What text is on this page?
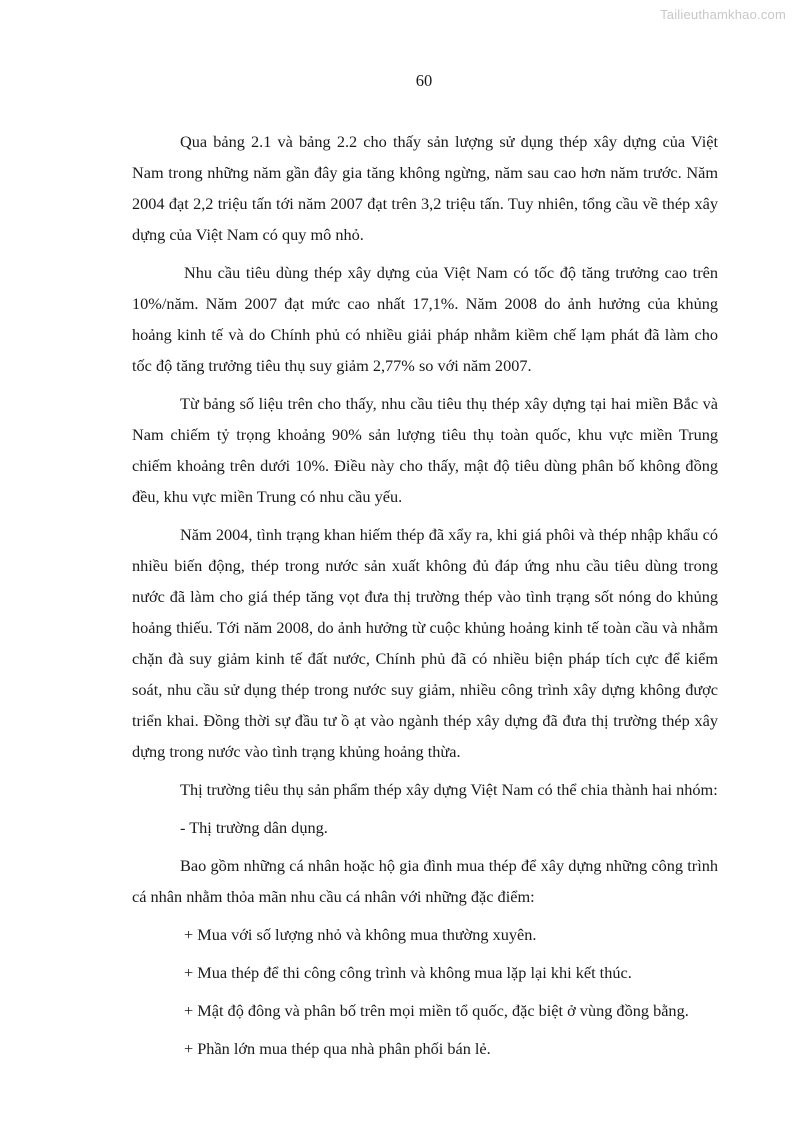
Tailieuthamkhao.com
60

Qua bảng 2.1 và bảng 2.2 cho thấy sản lượng sử dụng thép xây dựng của Việt Nam trong những năm gần đây gia tăng không ngừng, năm sau cao hơn năm trước. Năm 2004 đạt 2,2 triệu tấn tới năm 2007 đạt trên 3,2 triệu tấn. Tuy nhiên, tổng cầu về thép xây dựng của Việt Nam có quy mô nhỏ.

Nhu cầu tiêu dùng thép xây dựng của Việt Nam có tốc độ tăng trưởng cao trên 10%/năm. Năm 2007 đạt mức cao nhất 17,1%. Năm 2008 do ảnh hưởng của khủng hoảng kinh tế và do Chính phủ có nhiều giải pháp nhằm kiềm chế lạm phát đã làm cho tốc độ tăng trưởng tiêu thụ suy giảm 2,77% so với năm 2007.

Từ bảng số liệu trên cho thấy, nhu cầu tiêu thụ thép xây dựng tại hai miền Bắc và Nam chiếm tỷ trọng khoảng 90% sản lượng tiêu thụ toàn quốc, khu vực miền Trung chiếm khoảng trên dưới 10%. Điều này cho thấy, mật độ tiêu dùng phân bố không đồng đều, khu vực miền Trung có nhu cầu yếu.

Năm 2004, tình trạng khan hiếm thép đã xẩy ra, khi giá phôi và thép nhập khẩu có nhiều biến động, thép trong nước sản xuất không đủ đáp ứng nhu cầu tiêu dùng trong nước đã làm cho giá thép tăng vọt đưa thị trường thép vào tình trạng sốt nóng do khủng hoảng thiếu. Tới năm 2008, do ảnh hưởng từ cuộc khủng hoảng kinh tế toàn cầu và nhằm chặn đà suy giảm kinh tế đất nước, Chính phủ đã có nhiều biện pháp tích cực để kiểm soát, nhu cầu sử dụng thép trong nước suy giảm, nhiều công trình xây dựng không được triển khai. Đồng thời sự đầu tư ồ ạt vào ngành thép xây dựng đã đưa thị trường thép xây dựng trong nước vào tình trạng khủng hoảng thừa.

Thị trường tiêu thụ sản phẩm thép xây dựng Việt Nam có thể chia thành hai nhóm:

- Thị trường dân dụng.

Bao gồm những cá nhân hoặc hộ gia đình mua thép để xây dựng những công trình cá nhân nhằm thỏa mãn nhu cầu cá nhân với những đặc điểm:

+ Mua với số lượng nhỏ và không mua thường xuyên.

+ Mua thép để thi công công trình và không mua lặp lại khi kết thúc.

+ Mật độ đông và phân bố trên mọi miền tổ quốc, đặc biệt ở vùng đồng bằng.

+ Phần lớn mua thép qua nhà phân phối bán lẻ.
